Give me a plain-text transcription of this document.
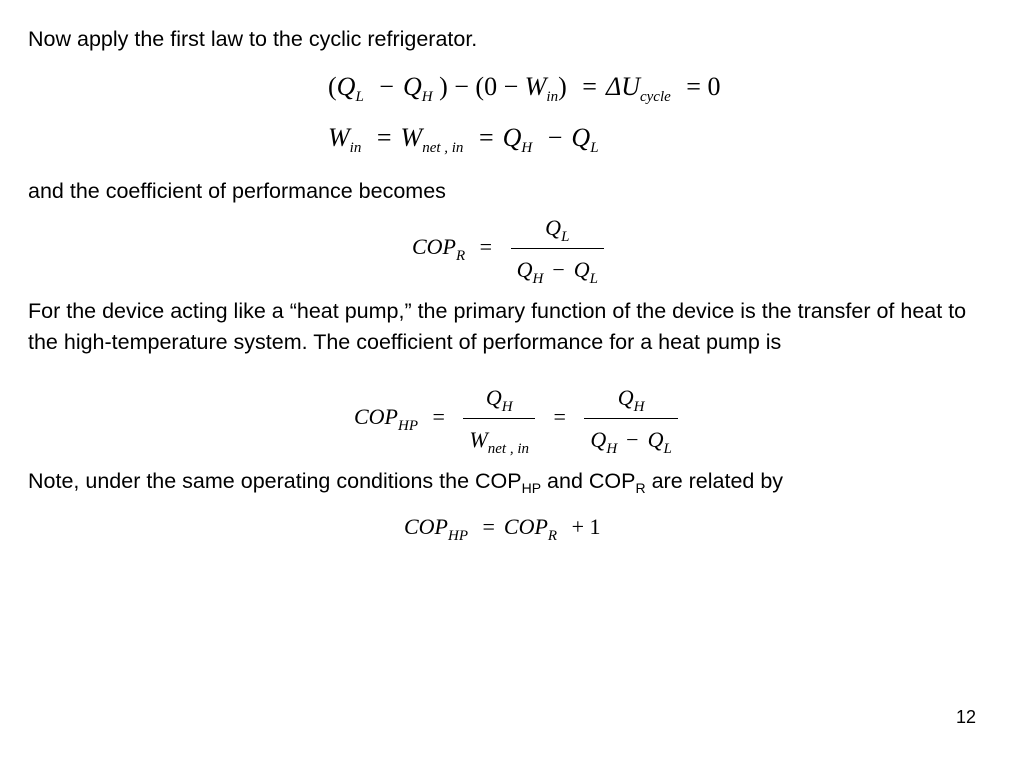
Now apply the first law to the cyclic refrigerator.

($Q_L - Q_H$ ) − $(0 - W_{in}) = \Delta U_{cycle} = 0$
$W_{in} = W_{net , in} = Q_H - Q_L$

and the coefficient of performance becomes

$COP_R = \frac{Q_L}{Q_H - Q_L}$

For the device acting like a “heat pump,” the primary function of the device is the transfer of heat to the high-temperature system. The coefficient of performance for a heat pump is

$COP_{HP} = \frac{Q_H}{W_{net , in}} = \frac{Q_H}{Q_H - Q_L}$

Note, under the same operating conditions the $COP_{HP}$ and $COP_R$ are related by

$COP_{HP} = COP_R + 1$
12
